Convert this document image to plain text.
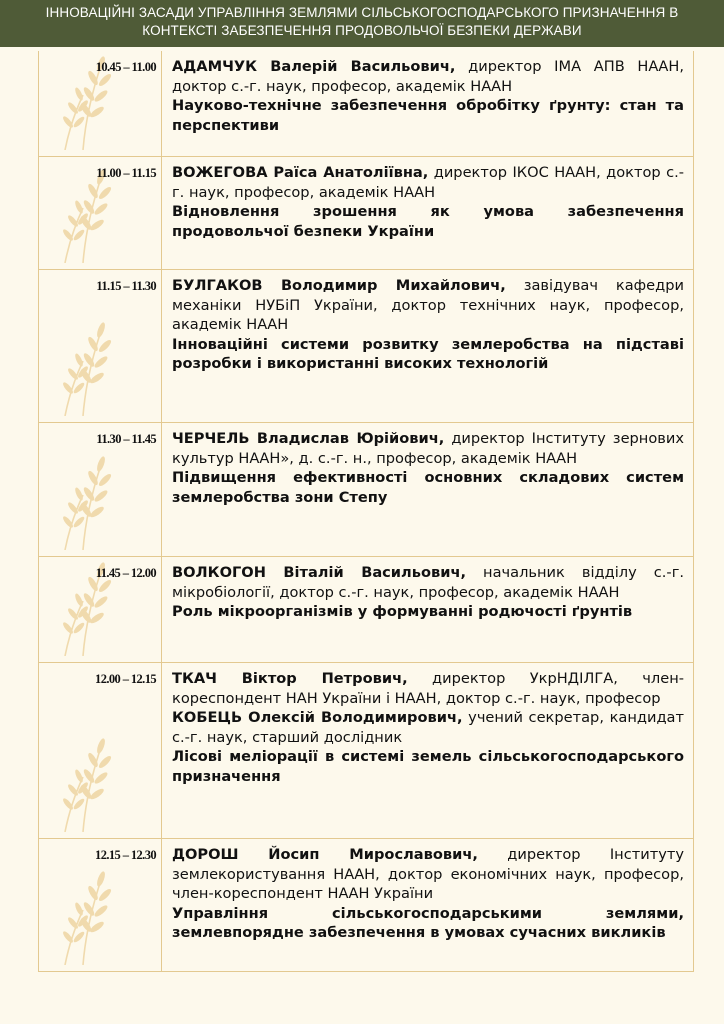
ІННОВАЦІЙНІ ЗАСАДИ УПРАВЛІННЯ ЗЕМЛЯМИ СІЛЬСЬКОГОСПОДАРСЬКОГО ПРИЗНАЧЕННЯ В
КОНТЕКСТІ ЗАБЕЗПЕЧЕННЯ ПРОДОВОЛЬЧОЇ БЕЗПЕКИ ДЕРЖАВИ
10.45 – 11.00 АДАМЧУК Валерій Васильович, директор ІМА АПВ НААН, доктор с.-г. наук, професор, академік НААН
Науково-технічне забезпечення обробітку ґрунту: стан та перспективи
11.00 – 11.15 ВОЖЕГОВА Раїса Анатоліївна, директор ІКОС НААН, доктор с.-г. наук, професор, академік НААН
Відновлення зрошення як умова забезпечення продовольчої безпеки України
11.15 – 11.30 БУЛГАКОВ Володимир Михайлович, завідувач кафедри механіки НУБіП України, доктор технічних наук, професор, академік НААН
Інноваційні системи розвитку землеробства на підставі розробки і використанні високих технологій
11.30 – 11.45 ЧЕРЧЕЛЬ Владислав Юрійович, директор Інституту зернових культур НААН», д. с.-г. н., професор, академік НААН
Підвищення ефективності основних складових систем землеробства зони Степу
11.45 – 12.00 ВОЛКОГОН Віталій Васильович, начальник відділу с.-г. мікробіології, доктор с.-г. наук, професор, академік НААН
Роль мікроорганізмів у формуванні родючості ґрунтів
12.00 – 12.15 ТКАЧ Віктор Петрович, директор УкрНДІЛГА, член-кореспондент НАН України і НААН, доктор с.-г. наук, професор
КОБЕЦЬ Олексій Володимирович, учений секретар, кандидат с.-г. наук, старший дослідник
Лісові меліорації в системі земель сільськогосподарського призначення
12.15 – 12.30 ДОРОШ Йосип Мирославович, директор Інституту землекористування НААН, доктор економічних наук, професор, член-кореспондент НААН України
Управління сільськогосподарськими землями, землевпорядне забезпечення в умовах сучасних викликів
